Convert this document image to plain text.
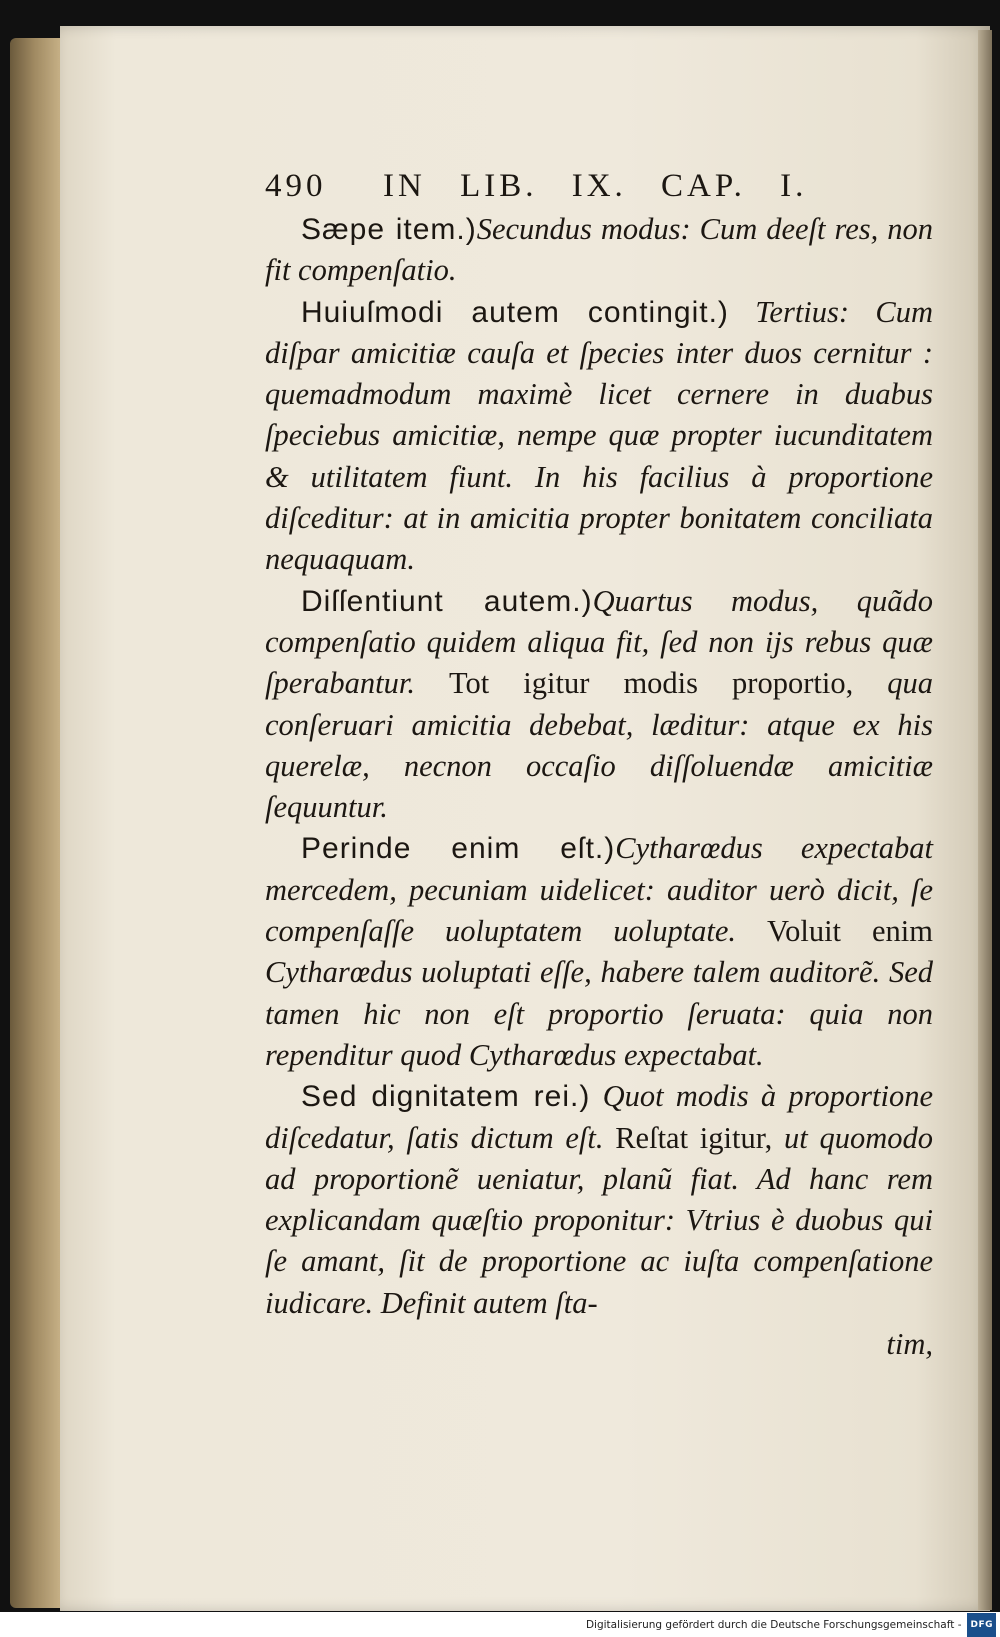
490 IN LIB. IX. CAP. I.

Sæpe item.)Secundus modus: Cum deeſt res, non fit compenſatio.

Huiuſmodi autem contingit.) Tertius: Cum diſpar amicitiæ cauſa et ſpecies inter duos cernitur : quemadmodum maximè licet cernere in duabus ſpeciebus amicitiæ, nempe quæ propter iucunditatem & utilitatem fiunt. In his facilius à proportione diſceditur: at in amicitia propter bonitatem conciliata nequaquam.

Diſſentiunt autem.)Quartus modus, quãdo compenſatio quidem aliqua fit, ſed non ijs rebus quæ ſperabantur. Tot igitur modis proportio, qua conſeruari amicitia debebat, læditur: atque ex his querelæ, necnon occaſio diſſoluendæ amicitiæ ſequuntur.

Perinde enim eſt.)Cytharœdus expectabat mercedem, pecuniam uidelicet: auditor uerò dicit, ſe compenſaſſe uoluptatem uoluptate. Voluit enim Cytharœdus uoluptati eſſe, habere talem auditorẽ. Sed tamen hic non eſt proportio ſeruata: quia non rependitur quod Cytharœdus expectabat.

Sed dignitatem rei.) Quot modis à proportione diſcedatur, ſatis dictum eſt. Reſtat igitur, ut quomodo ad proportionẽ ueniatur, planũ fiat. Ad hanc rem explicandam quæſtio proponitur: Vtrius è duobus qui ſe amant, ſit de proportione ac iuſta compenſatione iudicare. Definit autem ſta-

tim,

Digitalisierung gefördert durch die Deutsche Forschungsgemeinschaft - DFG
